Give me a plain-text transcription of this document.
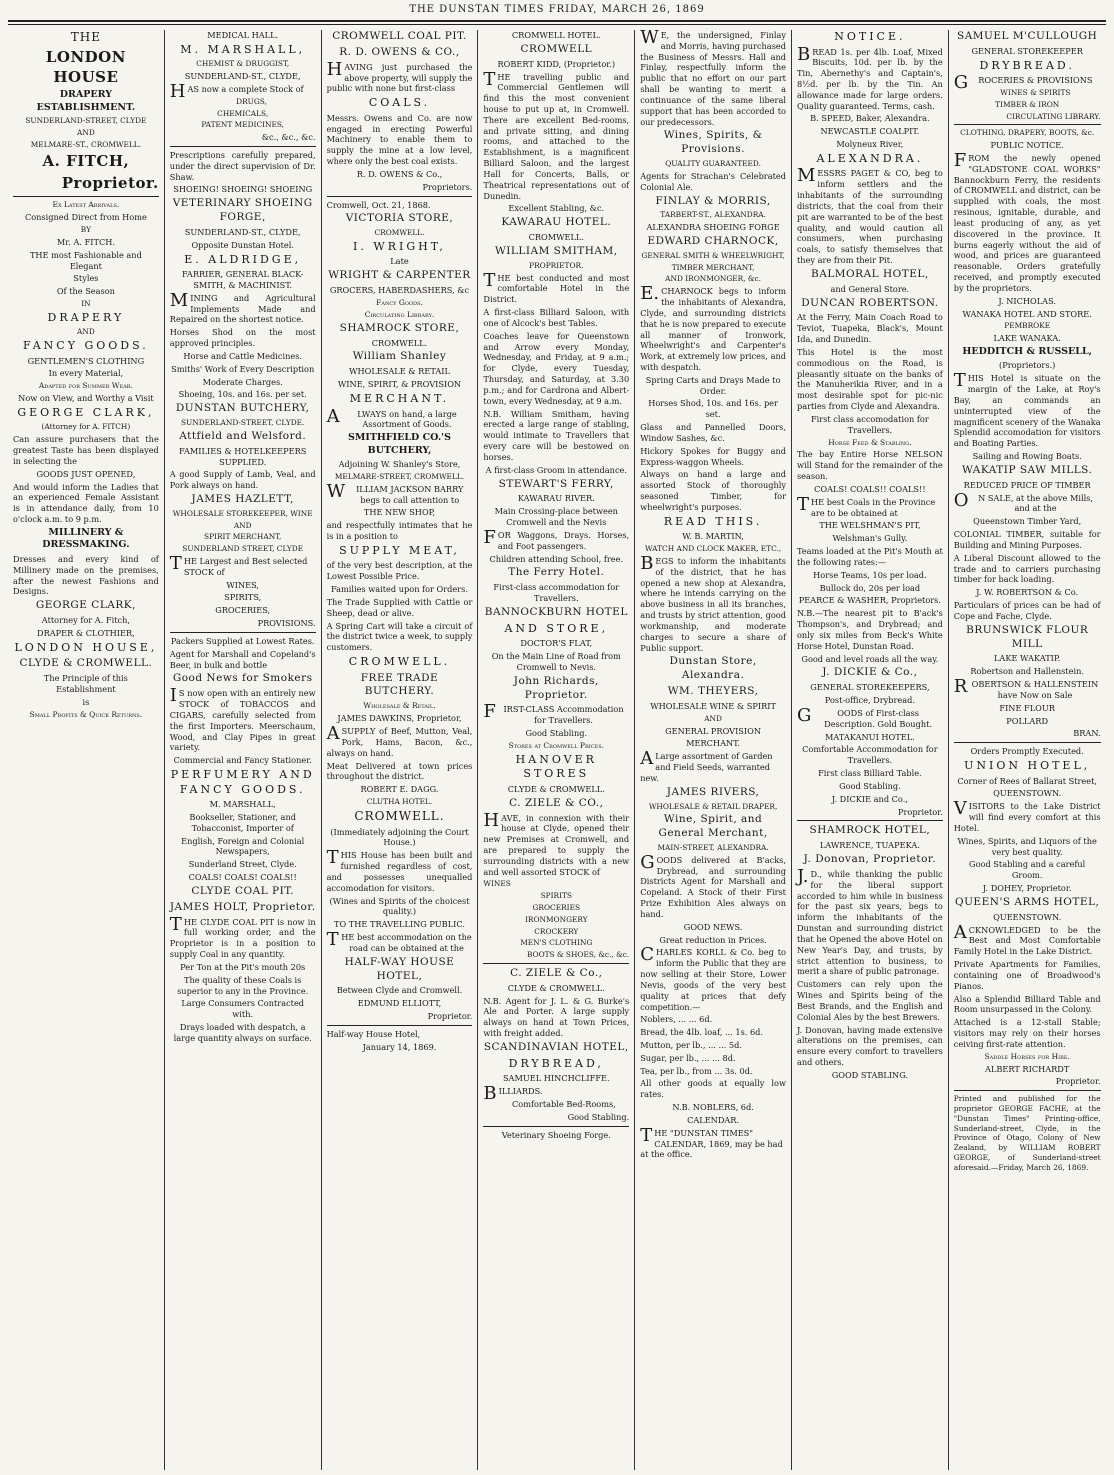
THE DUNSTAN TIMES FRIDAY, MARCH 26, 1869
THE
LONDON HOUSE
DRAPERY ESTABLISHMENT.
SUNDERLAND-STREET, CLYDE
AND
MELMARE-ST., CROMWELL.
A. FITCH,
Proprietor.
Ex Latest Arrivals.
Consigned Direct from Home
BY
Mr. A. FITCH.
THE most Fashionable and Elegant
Styles
Of the Season
IN
DRAPERY
AND
FANCY GOODS.
GENTLEMEN'S CLOTHING
In every Material,
Adapted for Summer Wear.
Now on View, and Worthy a Visit
GEORGE CLARK,
(Attorney for A. FITCH)
Can assure purchasers that the greatest Taste has been displayed in selecting the
GOODS JUST OPENED,
And would inform the Ladies that an experienced Female Assistant is in attendance daily, from 10 o'clock a.m. to 9 p.m.
MILLINERY & DRESSMAKING.
Dresses and every kind of Millinery made on the premises, after the newest Fashions and Designs.
GEORGE CLARK,
Attorney for A. Fitch,
DRAPER & CLOTHIER,
LONDON HOUSE,
CLYDE & CROMWELL.
The Principle of this Establishment
is
Small Profits & Quick Returns.
MEDICAL HALL.
M. MARSHALL,
CHEMIST & DRUGGIST,
SUNDERLAND-ST., CLYDE,
HAS now a complete Stock of
DRUGS,
CHEMICALS,
PATENT MEDICINES,
&c., &c., &c.
Prescriptions carefully prepared, under the direct supervision of Dr. Shaw.
SHOEING! SHOEING! SHOEING
VETERINARY SHOEING FORGE,
SUNDERLAND-ST., CLYDE,
Opposite Dunstan Hotel.
E. ALDRIDGE,
FARRIER, GENERAL BLACK-SMITH, & MACHINIST.
MINING and Agricultural Implements Made and Repaired on the shortest notice.
Horses Shod on the most approved principles.
Horse and Cattle Medicines.
Smiths' Work of Every Description
Moderate Charges.
Shoeing, 10s. and 16s. per set.
DUNSTAN BUTCHERY,
SUNDERLAND-STREET, CLYDE.
Attfield and Welsford.
FAMILIES & HOTELKEEPERS SUPPLIED.
A good Supply of Lamb, Veal, and Pork always on hand.
JAMES HAZLETT,
WHOLESALE STOREKEEPER, WINE
AND
SPIRIT MERCHANT,
SUNDERLAND STREET, CLYDE
THE Largest and Best selected STOCK of
WINES,
SPIRITS,
GROCERIES,
PROVISIONS.
Packers Supplied at Lowest Rates.
Agent for Marshall and Copeland's Beer, in bulk and bottle
Good News for Smokers
IS now open with an entirely new STOCK of TOBACCOS and CIGARS, carefully selected from the first Importers. Meerschaum, Wood, and Clay Pipes in great variety.
Commercial and Fancy Stationer.
PERFUMERY AND FANCY GOODS.
M. MARSHALL,
Bookseller, Stationer, and Tobacconist, Importer of
English, Foreign and Colonial Newspapers,
Sunderland Street, Clyde.
COALS! COALS! COALS!!
CLYDE COAL PIT.
JAMES HOLT, Proprietor.
THE CLYDE COAL PIT is now in full working order, and the Proprietor is in a position to supply Coal in any quantity.
Per Ton at the Pit's mouth 20s
The quality of these Coals is superior to any in the Province.
Large Consumers Contracted with.
Drays loaded with despatch, a large quantity always on surface.
CROMWELL COAL PIT.
R. D. OWENS & CO.,
HAVING just purchased the above property, will supply the public with none but first-class
COALS.
Messrs. Owens and Co. are now engaged in erecting Powerful Machinery to enable them to supply the mine at a low level, where only the best coal exists.
R. D. OWENS & Co.,
Proprietors.
Cromwell, Oct. 21, 1868.
VICTORIA STORE,
CROMWELL.
I. WRIGHT,
Late
WRIGHT & CARPENTER
GROCERS, HABERDASHERS, &c
Fancy Goods.
Circulating Library.
SHAMROCK STORE,
CROMWELL.
William Shanley
WHOLESALE & RETAIL
WINE, SPIRIT, & PROVISION
MERCHANT.
ALWAYS on hand, a large Assortment of Goods.
SMITHFIELD CO.'S BUTCHERY,
Adjoining W. Shanley's Store,
MELMARE-STREET, CROMWELL.
WILLIAM JACKSON BARRY begs to call attention to
THE NEW SHOP,
and respectfully intimates that he is in a position to
SUPPLY MEAT,
of the very best description, at the Lowest Possible Price.
Families waited upon for Orders.
The Trade Supplied with Cattle or Sheep, dead or alive.
A Spring Cart will take a circuit of the district twice a week, to supply customers.
CROMWELL.
FREE TRADE BUTCHERY.
Wholesale & Retail.
JAMES DAWKINS, Proprietor,
ASUPPLY of Beef, Mutton, Veal, Pork, Hams, Bacon, &c., always on hand.
Meat Delivered at town prices throughout the district.
ROBERT E. DAGG.
CLUTHA HOTEL.
CROMWELL.
(Immediately adjoining the Court House.)
THIS House has been built and furnished regardless of cost, and possesses unequalled accomodation for visitors.
(Wines and Spirits of the choicest quality.)
TO THE TRAVELLING PUBLIC.
THE best accommodation on the road can be obtained at the
HALF-WAY HOUSE HOTEL,
Between Clyde and Cromwell.
EDMUND ELLIOTT,
Proprietor.
Half-way House Hotel,
January 14, 1869.
CROMWELL HOTEL.
CROMWELL
ROBERT KIDD, (Proprietor.)
THE travelling public and Commercial Gentlemen will find this the most convenient house to put up at, in Cromwell. There are excellent Bed-rooms, and private sitting, and dining rooms, and attached to the Establishment, is a magnificent Billiard Saloon, and the largest Hall for Concerts, Balls, or Theatrical representations out of Dunedin.
Excellent Stabling, &c.
KAWARAU HOTEL.
CROMWELL.
WILLIAM SMITHAM,
PROPRIETOR.
THE best conducted and most comfortable Hotel in the District.
A first-class Billiard Saloon, with one of Alcock's best Tables.
Coaches leave for Queenstown and Arrow every Monday, Wednesday, and Friday, at 9 a.m.; for Clyde, every Tuesday, Thursday, and Saturday, at 3.30 p.m.; and for Cardrona and Albert-town, every Wednesday, at 9 a.m.
N.B. William Smitham, having erected a large range of stabling, would intimate to Travellers that every care will be bestowed on horses.
A first-class Groom in attendance.
STEWART'S FERRY,
KAWARAU RIVER.
Main Crossing-place between Cromwell and the Nevis
FOR Waggons, Drays. Horses, and Foot passengers.
Children attending School, free.
The Ferry Hotel.
First-class accommodation for Travellers.
BANNOCKBURN HOTEL
AND STORE,
DOCTOR'S FLAT,
On the Main Line of Road from Cromwell to Nevis.
John Richards, Proprietor.
FIRST-CLASS Accommodation for Travellers.
Good Stabling.
Stores at Cromwell Prices.
HANOVER STORES
CLYDE & CROMWELL.
C. ZIELE & CO.,
HAVE, in connexion with their house at Clyde, opened their new Premises at Cromwell, and are prepared to supply the surrounding districts with a new and well assorted STOCK of
WINES
SPIRITS
GROCERIES
IRONMONGERY
CROCKERY
MEN'S CLOTHING
BOOTS & SHOES, &c., &c.
C. ZIELE & Co.,
CLYDE & CROMWELL.
N.B. Agent for J. L. & G. Burke's Ale and Porter. A large supply always on hand at Town Prices, with freight added.
SCANDINAVIAN HOTEL,
DRYBREAD,
SAMUEL HINCHCLIFFE.
BILLIARDS.
Comfortable Bed-Rooms,
Good Stabling.
Veterinary Shoeing Forge.
WE, the undersigned, Finlay and Morris, having purchased the Business of Messrs. Hall and Finlay, respectfully inform the public that no effort on our part shall be wanting to merit a continuance of the same liberal support that has been accorded to our predecessors.
Wines, Spirits, & Provisions.
QUALITY GUARANTEED.
Agents for Strachan's Celebrated Colonial Ale.
FINLAY & MORRIS,
TARBERT-ST., ALEXANDRA.
ALEXANDRA SHOEING FORGE
EDWARD CHARNOCK,
GENERAL SMITH & WHEELWRIGHT,
TIMBER MERCHANT,
AND IRONMONGER, &c.
E.CHARNOCK begs to inform the inhabitants of Alexandra, Clyde, and surrounding districts that he is now prepared to execute all manner of Ironwork, Wheelwright's and Carpenter's Work, at extremely low prices, and with despatch.
Spring Carts and Drays Made to Order.
Horses Shod, 10s. and 16s. per set.
Glass and Pannelled Doors, Window Sashes, &c.
Hickory Spokes for Buggy and Express-waggon Wheels.
Always on hand a large and assorted Stock of thoroughly seasoned Timber, for wheelwright's purposes.
READ THIS.
W. B. MARTIN,
WATCH AND CLOCK MAKER, ETC.,
BEGS to inform the inhabitants of the district, that he has opened a new shop at Alexandra, where he intends carrying on the above business in all its branches, and trusts by strict attention, good workmanship, and moderate charges to secure a share of Public support.
Dunstan Store, Alexandra.
WM. THEYERS,
WHOLESALE WINE & SPIRIT
AND
GENERAL PROVISION
MERCHANT.
ALarge assortment of Garden and Field Seeds, warranted new.
JAMES RIVERS,
WHOLESALE & RETAIL DRAPER,
Wine, Spirit, and General Merchant,
MAIN-STREET, ALEXANDRA.
GOODS delivered at B'acks, Drybread, and surrounding Districts Agent for Marshall and Copeland. A Stock of their First Prize Exhibition Ales always on hand.
GOOD NEWS.
Great reduction in Prices.
CHARLES KORLL & Co. beg to inform the Public that they are now selling at their Store, Lower Nevis, goods of the very best quality at prices that defy competition.—
Noblers, ... ... 6d.
Bread, the 4lb. loaf, ... 1s. 6d.
Mutton, per lb., ... ... 5d.
Sugar, per lb., ... ... 8d.
Tea, per lb., from ... 3s. 0d.
All other goods at equally low rates.
N.B. NOBLERS, 6d.
CALENDAR.
THE "DUNSTAN TIMES" CALENDAR, 1869, may be had at the office.
NOTICE.
BREAD 1s. per 4lb. Loaf, Mixed Biscuits, 10d. per lb. by the Tin, Abernethy's and Captain's, 8½d. per lb. by the Tin. An allowance made for large orders. Quality guaranteed. Terms, cash.
B. SPEED, Baker, Alexandra.
NEWCASTLE COALPIT.
Molyneux River,
ALEXANDRA.
MESSRS PAGET & CO, beg to inform settlers and the inhabitants of the surrounding districts, that the coal from their pit are warranted to be of the best quality, and would caution all consumers, when purchasing coals, to satisfy themselves that they are from their Pit.
BALMORAL HOTEL,
and General Store.
DUNCAN ROBERTSON.
At the Ferry, Main Coach Road to Teviot, Tuapeka, Black's, Mount Ida, and Dunedin.
This Hotel is the most commodious on the Road, is pleasantly situate on the banks of the Manuherikia River, and in a most desirable spot for pic-nic parties from Clyde and Alexandra.
First class accomodation for Travellers.
Horse Feed & Stabling.
The bay Entire Horse NELSON will Stand for the remainder of the season.
COALS! COALS!! COALS!!
THE best Coals in the Province are to be obtained at
THE WELSHMAN'S PIT,
Welshman's Gully.
Teams loaded at the Pit's Mouth at the following rates:—
Horse Teams, 10s per load.
Bullock do, 20s per load
PEARCE & WASHER, Proprietors.
N.B.—The nearest pit to B'ack's Thompson's, and Drybread; and only six miles from Beck's White Horse Hotel, Dunstan Road.
Good and level roads all the way.
J. DICKIE & Co.,
GENERAL STOREKEEPERS,
Post-office, Drybread.
GOODS of First-class Description. Gold Bought.
MATAKANUI HOTEL.
Comfortable Accommodation for Travellers.
First class Billiard Table.
Good Stabling.
J. DICKIE and Co.,
Proprietor.
SHAMROCK HOTEL,
LAWRENCE, TUAPEKA.
J. Donovan, Proprietor.
J.D., while thanking the public for the liberal support accorded to him while in business for the past six years, begs to inform the inhabitants of the Dunstan and surrounding district that he Opened the above Hotel on New Year's Day, and trusts, by strict attention to business, to merit a share of public patronage.
Customers can rely upon the Wines and Spirits being of the Best Brands, and the English and Colonial Ales by the best Brewers.
J. Donovan, having made extensive alterations on the premises, can ensure every comfort to travellers and others.
GOOD STABLING.
SAMUEL M'CULLOUGH
GENERAL STOREKEEPER
DRYBREAD.
GROCERIES & PROVISIONS
WINES & SPIRITS
TIMBER & IRON
CIRCULATING LIBRARY.
CLOTHING, DRAPERY, BOOTS, &c.
PUBLIC NOTICE.
FROM the newly opened "GLADSTONE COAL WORKS" Bannockburn Ferry, the residents of CROMWELL and district, can be supplied with coals, the most resinous, ignitable, durable, and least producing of any, as yet discovered in the province. It burns eagerly without the aid of wood, and prices are guaranteed reasonable. Orders gratefully received, and promptly executed by the proprietors.
J. NICHOLAS.
WANAKA HOTEL AND STORE.
PEMBROKE
LAKE WANAKA.
HEDDITCH & RUSSELL,
(Proprietors.)
THIS Hotel is situate on the margin of the Lake, at Roy's Bay, an commands an uninterrupted view of the magnificent scenery of the Wanaka Splendid accomodation for visitors and Boating Parties.
Sailing and Rowing Boats.
WAKATIP SAW MILLS.
REDUCED PRICE OF TIMBER
ON SALE, at the above Mills, and at the
Queenstown Timber Yard,
COLONIAL TIMBER, suitable for Building and Mining Purposes.
A Liberal Discount allowed to the trade and to carriers purchasing timber for back loading.
J. W. ROBERTSON & Co.
Particulars of prices can be had of Cope and Fache, Clyde.
BRUNSWICK FLOUR MILL
LAKE WAKATIP.
Robertson and Hallenstein.
ROBERTSON & HALLENSTEIN have Now on Sale
FINE FLOUR
POLLARD
BRAN.
Orders Promptly Executed.
UNION HOTEL,
Corner of Rees of Ballarat Street,
QUEENSTOWN.
VISITORS to the Lake District will find every comfort at this Hotel.
Wines, Spirits, and Liquors of the very best quality.
Good Stabling and a careful Groom.
J. DOHEY, Proprietor.
QUEEN'S ARMS HOTEL,
QUEENSTOWN.
ACKNOWLEDGED to be the Best and Most Comfortable Family Hotel in the Lake District.
Private Apartments for Families, containing one of Broadwood's Pianos.
Also a Splendid Billiard Table and Room unsurpassed in the Colony.
Attached is a 12-stall Stable; visitors may rely on their horses ceiving first-rate attention.
Saddle Horses for Hire.
ALBERT RICHARDT
Proprietor.
Printed and published for the proprietor GEORGE FACHE, at the "Dunstan Times" Printing-office, Sunderland-street, Clyde, in the Province of Otago, Colony of New Zealand, by WILLIAM ROBERT GEORGE, of Sunderland-street aforesaid.—Friday, March 26, 1869.
